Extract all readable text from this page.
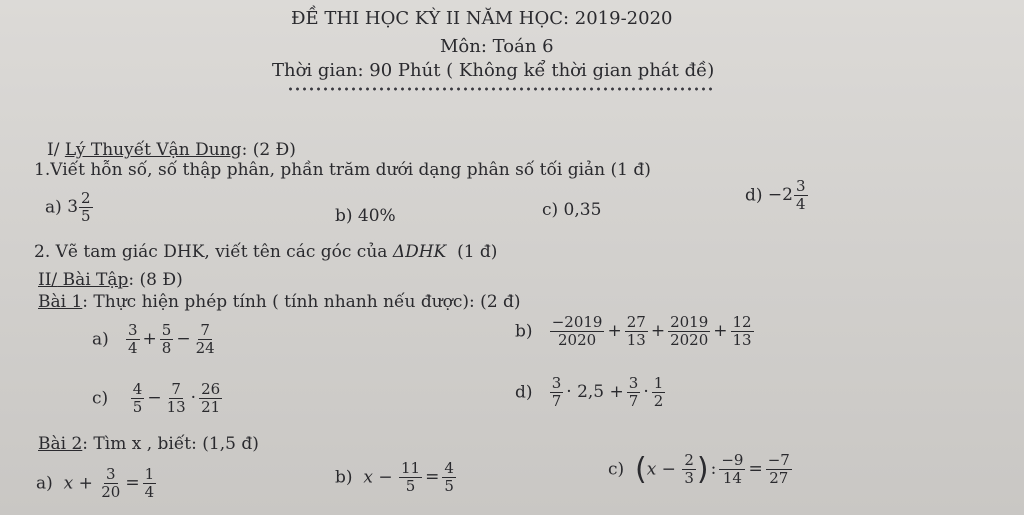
ĐỀ THI HỌC KỲ II NĂM HỌC: 2019-2020
Môn: Toán 6
Thời gian: 90 Phút ( Không kể thời gian phát đề)
I/ Lý Thuyết Vận Dung: (2 Đ)
1.Viết hỗn số, số thập phân, phần trăm dưới dạng phân số tối giản (1 đ)
a) $3 \frac{2}{5}$	b) 40%	c) 0,35
$d) -2 \frac{3}{4}$
2. Vẽ tam giác DHK, viết tên các góc của ΔDHK (1 đ)
II/ Bài Tập: (8 Đ)
Bài 1: Thực hiện phép tính ( tính nhanh nếu được): (2 đ)
$a) \frac{3}{4} + \frac{5}{8} - \frac{7}{24}$	$b) \frac{-2019}{2020} + \frac{27}{13} + \frac{2019}{2020} + \frac{12}{13}$
$c) \frac{4}{5} - \frac{7}{13} \cdot \frac{26}{21}$	$d) \frac{3}{7} \cdot 2,5 + \frac{3}{7} \cdot \frac{1}{2}$
Bài 2: Tìm x , biết: (1,5 đ)
a) $x + \frac{3}{20} = \frac{1}{4}$	b) $x - \frac{11}{5} = \frac{4}{5}$	c) ($x - \frac{2}{3}$ ) : $\frac{-9}{14} = \frac{-7}{27}$
